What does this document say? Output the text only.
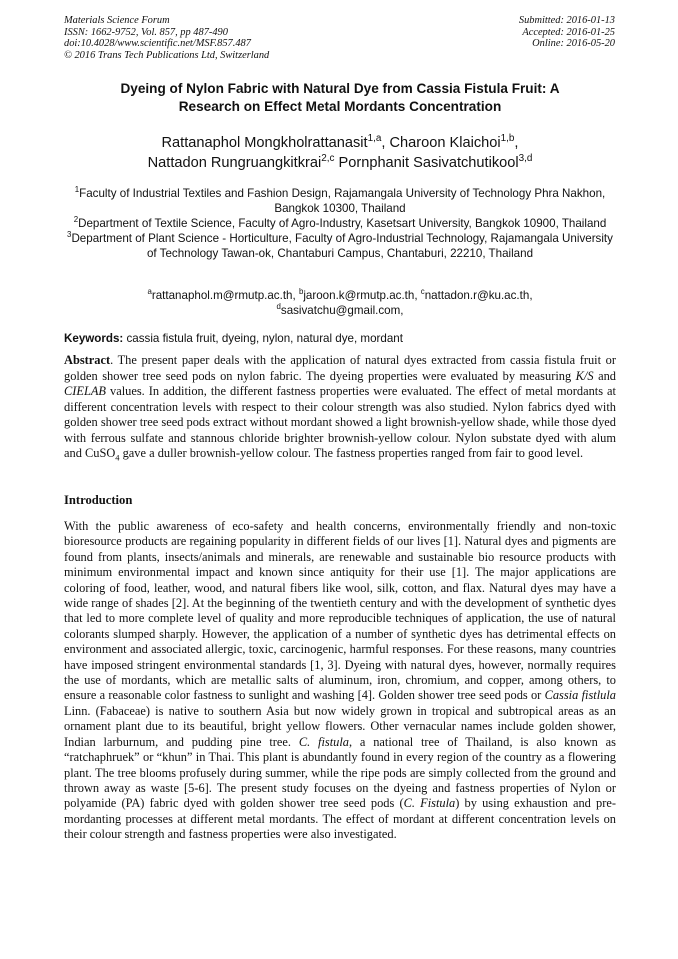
Materials Science Forum
ISSN: 1662-9752, Vol. 857, pp 487-490
doi:10.4028/www.scientific.net/MSF.857.487
© 2016 Trans Tech Publications Ltd, Switzerland
Submitted: 2016-01-13
Accepted: 2016-01-25
Online: 2016-05-20
Dyeing of Nylon Fabric with Natural Dye from Cassia Fistula Fruit: A
Research on Effect Metal Mordants Concentration
Rattanaphol Mongkholrattanasit$^{1,a}$, Charoon Klaichoi$^{1,b}$,
Nattadon Rungruangkitkrai$^{2,c}$ Pornphanit Sasivatchutikool$^{3,d}$

$^1$Faculty of Industrial Textiles and Fashion Design, Rajamangala University of Technology Phra Nakhon, Bangkok 10300, Thailand

$^2$Department of Textile Science, Faculty of Agro-Industry, Kasetsart University, Bangkok 10900, Thailand

$^3$Department of Plant Science - Horticulture, Faculty of Agro-Industrial Technology, Rajamangala University of Technology Tawan-ok, Chantaburi Campus, Chantaburi, 22210, Thailand

$^a$rattanaphol.m@rmutp.ac.th, $^b$jaroon.k@rmutp.ac.th, $^c$nattadon.r@ku.ac.th,
$^d$sasivatchu@gmail.com,
Keywords: cassia fistula fruit, dyeing, nylon, natural dye, mordant

Abstract. The present paper deals with the application of natural dyes extracted from cassia fistula fruit or golden shower tree seed pods on nylon fabric. The dyeing properties were evaluated by measuring K/S and CIELAB values. In addition, the different fastness properties were evaluated. The effect of metal mordants at different concentration levels with respect to their colour strength was also studied. Nylon fabrics dyed with golden shower tree seed pods extract without mordant showed a light brownish-yellow shade, while those dyed with ferrous sulfate and stannous chloride brighter brownish-yellow colour. Nylon substate dyed with alum and CuSO$_4$ gave a duller brownish-yellow colour. The fastness properties ranged from fair to good level.

Introduction

With the public awareness of eco-safety and health concerns, environmentally friendly and non-toxic bioresource products are regaining popularity in different fields of our lives [1]. Natural dyes and pigments are found from plants, insects/animals and minerals, are renewable and sustainable bio resource products with minimum environmental impact and known since antiquity for their use [1]. The major applications are coloring of food, leather, wood, and natural fibers like wool, silk, cotton, and flax. Natural dyes may have a wide range of shades [2]. At the beginning of the twentieth century and with the development of synthetic dyes that led to more complete level of quality and more reproducible techniques of application, the use of natural colorants slumped sharply. However, the application of a number of synthetic dyes has detrimental effects on environment and associated allergic, toxic, carcinogenic, harmful responses. For these reasons, many countries have imposed stringent environmental standards [1, 3]. Dyeing with natural dyes, however, normally requires the use of mordants, which are metallic salts of aluminum, iron, chromium, and copper, among others, to ensure a reasonable color fastness to sunlight and washing [4]. Golden shower tree seed pods or Cassia fistlula Linn. (Fabaceae) is native to southern Asia but now widely grown in tropical and subtropical areas as an ornament plant due to its beautiful, bright yellow flowers. Other vernacular names include golden shower, Indian larburnum, and pudding pine tree. C. fistula, a national tree of Thailand, is also known as “ratchaphruek” or “khun” in Thai. This plant is abundantly found in every region of the country as a flowering plant. The tree blooms profusely during summer, while the ripe pods are simply collected from the ground and thrown away as waste [5-6]. The present study focuses on the dyeing and fastness properties of Nylon or polyamide (PA) fabric dyed with golden shower tree seed pods (C. Fistula) by using exhaustion and pre-mordanting processes at different metal mordants. The effect of mordant at different concentration levels on their colour strength and fastness properties were also investigated.
